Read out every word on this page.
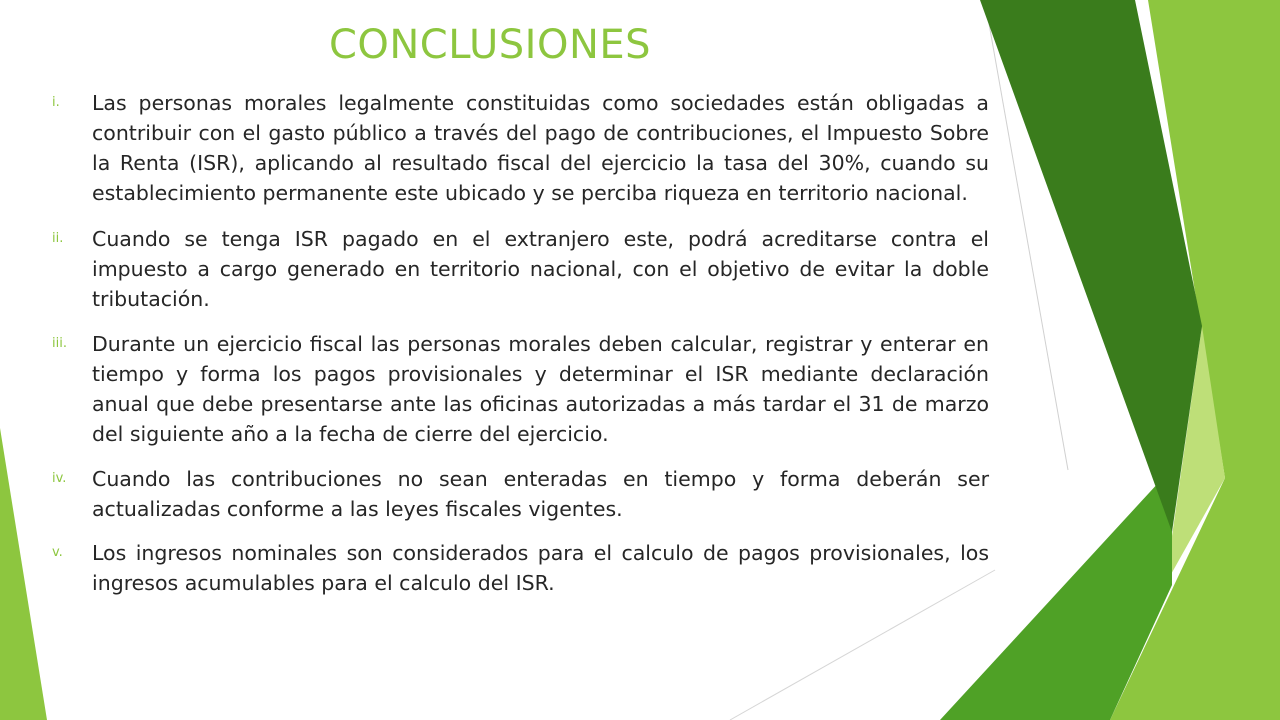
CONCLUSIONES
i. Las personas morales legalmente constituidas como sociedades están obligadas a contribuir con el gasto público a través del pago de contribuciones, el Impuesto Sobre la Renta (ISR), aplicando al resultado fiscal del ejercicio la tasa del 30%, cuando su establecimiento permanente este ubicado y se perciba riqueza en territorio nacional.
ii. Cuando se tenga ISR pagado en el extranjero este, podrá acreditarse contra el impuesto a cargo generado en territorio nacional, con el objetivo de evitar la doble tributación.
iii. Durante un ejercicio fiscal las personas morales deben calcular, registrar y enterar en tiempo y forma los pagos provisionales y determinar el ISR mediante declaración anual que debe presentarse ante las oficinas autorizadas a más tardar el 31 de marzo del siguiente año a la fecha de cierre del ejercicio.
iv. Cuando las contribuciones no sean enteradas en tiempo y forma deberán ser actualizadas conforme a las leyes fiscales vigentes.
v. Los ingresos nominales son considerados para el calculo de pagos provisionales, los ingresos acumulables para el calculo del ISR.
